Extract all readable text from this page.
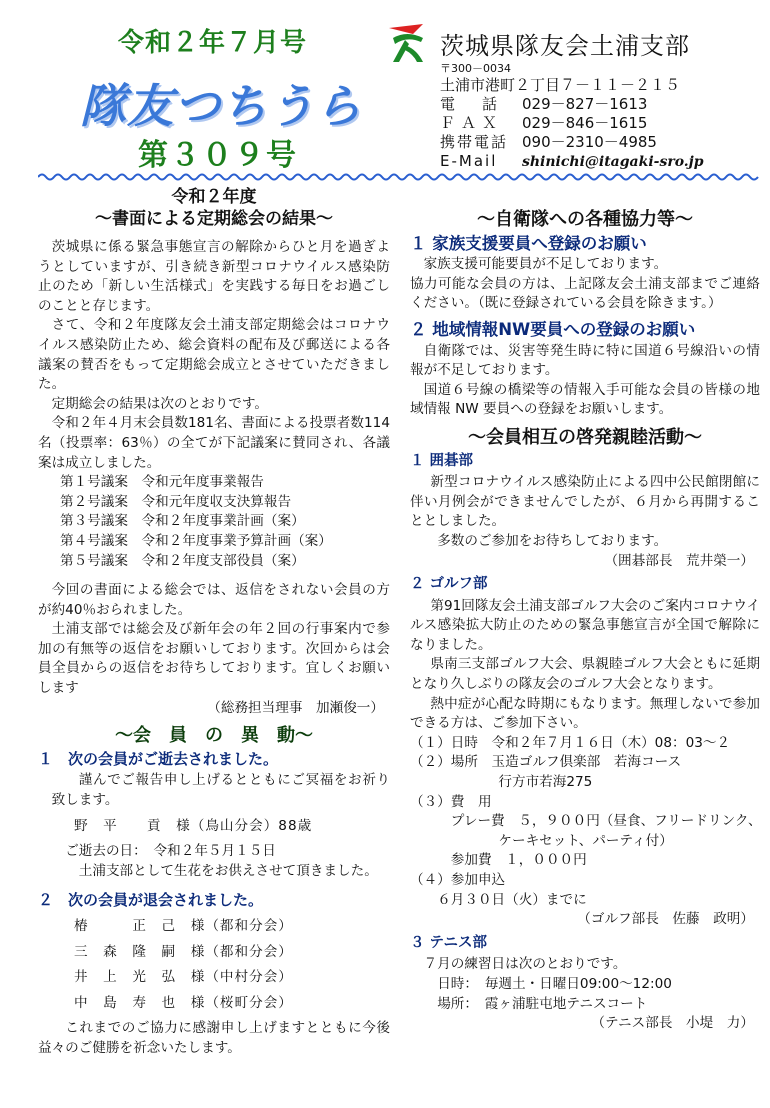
令和２年７月号
隊友つちうら
第３０９号
茨城県隊友会土浦支部
〒300－0034
土浦市港町２丁目７－１１－２１５
電　話 029－827－1613
ＦＡＸ 029－846－1615
携帯電話 090－2310－4985
E-Mail shinichi@itagaki-sro.jp
令和２年度
～書面による定期総会の結果～

茨城県に係る緊急事態宣言の解除からひと月を過ぎようとしていますが、引き続き新型コロナウイルス感染防止のため「新しい生活様式」を実践する毎日をお過ごしのことと存じます。

さて、令和２年度隊友会土浦支部定期総会はコロナウイルス感染防止ため、総会資料の配布及び郵送による各議案の賛否をもって定期総会成立とさせていただきました。

定期総会の結果は次のとおりです。

令和２年４月末会員数181名、書面による投票者数114名（投票率：63％）の全てが下記議案に賛同され、各議案は成立しました。

第１号議案　令和元年度事業報告
第２号議案　令和元年度収支決算報告
第３号議案　令和２年度事業計画（案）
第４号議案　令和２年度事業予算計画（案）
第５号議案　令和２年度支部役員（案）

今回の書面による総会では、返信をされない会員の方が約40％おられました。

土浦支部では総会及び新年会の年２回の行事案内で参加の有無等の返信をお願いしております。次回からは会員全員からの返信をお待ちしております。宜しくお願いします

（総務担当理事　加瀬俊一）
～会　員　の　異　動～
１　次の会員がご逝去されました。

謹んでご報告申し上げるとともにご冥福をお祈り致します。

野　平　　貢　様（鳥山分会）88歳
ご逝去の日：　令和２年５月１５日

土浦支部として生花をお供えさせて頂きました。

２　次の会員が退会されました。
椿　　　正　己　様（都和分会）
三　森　隆　嗣　様（都和分会）
井　上　光　弘　様（中村分会）
中　島　寿　也　様（桜町分会）

これまでのご協力に感謝申し上げますとともに今後益々のご健勝を祈念いたします。

～自衛隊への各種協力等～
１ 家族支援要員へ登録のお願い

家族支援可能要員が不足しております。

協力可能な会員の方は、上記隊友会土浦支部までご連絡ください。（既に登録されている会員を除きます。）

２ 地域情報NW要員への登録のお願い

自衛隊では、災害等発生時に特に国道６号線沿いの情報が不足しております。

国道６号線の橋梁等の情報入手可能な会員の皆様の地域情報 NW 要員への登録をお願いします。

～会員相互の啓発親睦活動～
１ 囲碁部

新型コロナウイルス感染防止による四中公民館閉館に伴い月例会ができませんでしたが、６月から再開することとしました。

多数のご参加をお待ちしております。
（囲碁部長　荒井榮一）
２ ゴルフ部

第91回隊友会土浦支部ゴルフ大会のご案内コロナウイルス感染拡大防止のための緊急事態宣言が全国で解除になりました。

県南三支部ゴルフ大会、県親睦ゴルフ大会ともに延期となり久しぶりの隊友会のゴルフ大会となります。

熱中症が心配な時期にもなります。無理しないで参加できる方は、ご参加下さい。

（１）日時　令和２年７月１６日（木）08：03～２
（２）場所　玉造ゴルフ倶楽部　若海コース
行方市若海275
（３）費　用
プレー費　５，９００円（昼食、フリードリンク、
ケーキセット、パーティ付）
参加費　１，０００円
（４）参加申込
６月３０日（火）までに
（ゴルフ部長　佐藤　政明）
３ テニス部
７月の練習日は次のとおりです。
日時：　毎週土・日曜日09:00～12:00
場所：　霞ヶ浦駐屯地テニスコート
（テニス部長　小堤　力）
